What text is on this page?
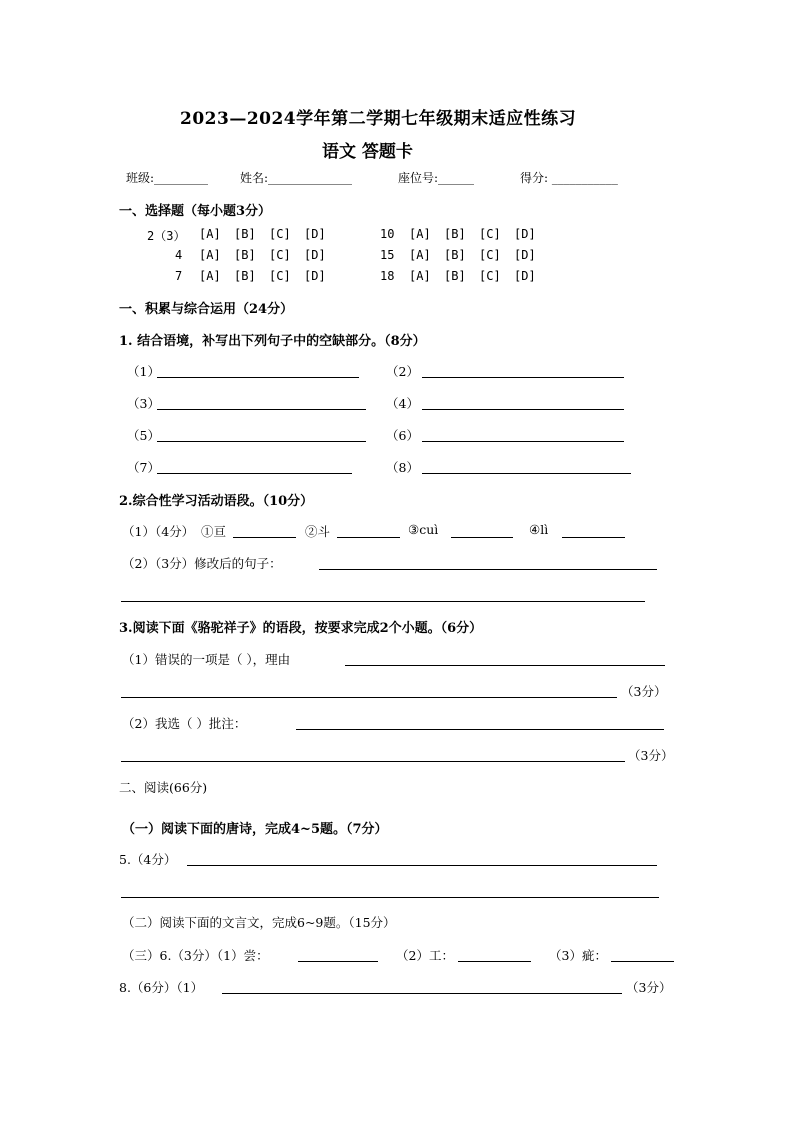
2023—2024学年第二学期七年级期末适应性练习
语文 答题卡
班级:_________	姓名:______________	座位号:______	得分: ___________
一、选择题（每小题3分）
2（3） [A] [B] [C] [D]	10 [A] [B] [C] [D]
4 [A] [B] [C] [D]	15 [A] [B] [C] [D]
7 [A] [B] [C] [D]	18 [A] [B] [C] [D]
一、积累与综合运用（24分）
1. 结合语境，补写出下列句子中的空缺部分。（8分）
（1）	（2）
（3）	（4）
（5）	（6）
（7）	（8）
2.综合性学习活动语段。（10分）
（1）（4分） ①亘	②斗	③cuì	④lì
（2）（3分）修改后的句子：
3.阅读下面《骆驼祥子》的语段，按要求完成2个小题。（6分）
（1）错误的一项是（ ），理由
（3分）
（2）我选（ ）批注：
（3分）
二、阅读(66分)
（一）阅读下面的唐诗，完成4~5题。（7分）
5.（4分）
（二）阅读下面的文言文，完成6~9题。（15分）
（三）6.（3分）（1）尝：	（2）工：	（3）疵：
8.（6分）（1）	（3分）
